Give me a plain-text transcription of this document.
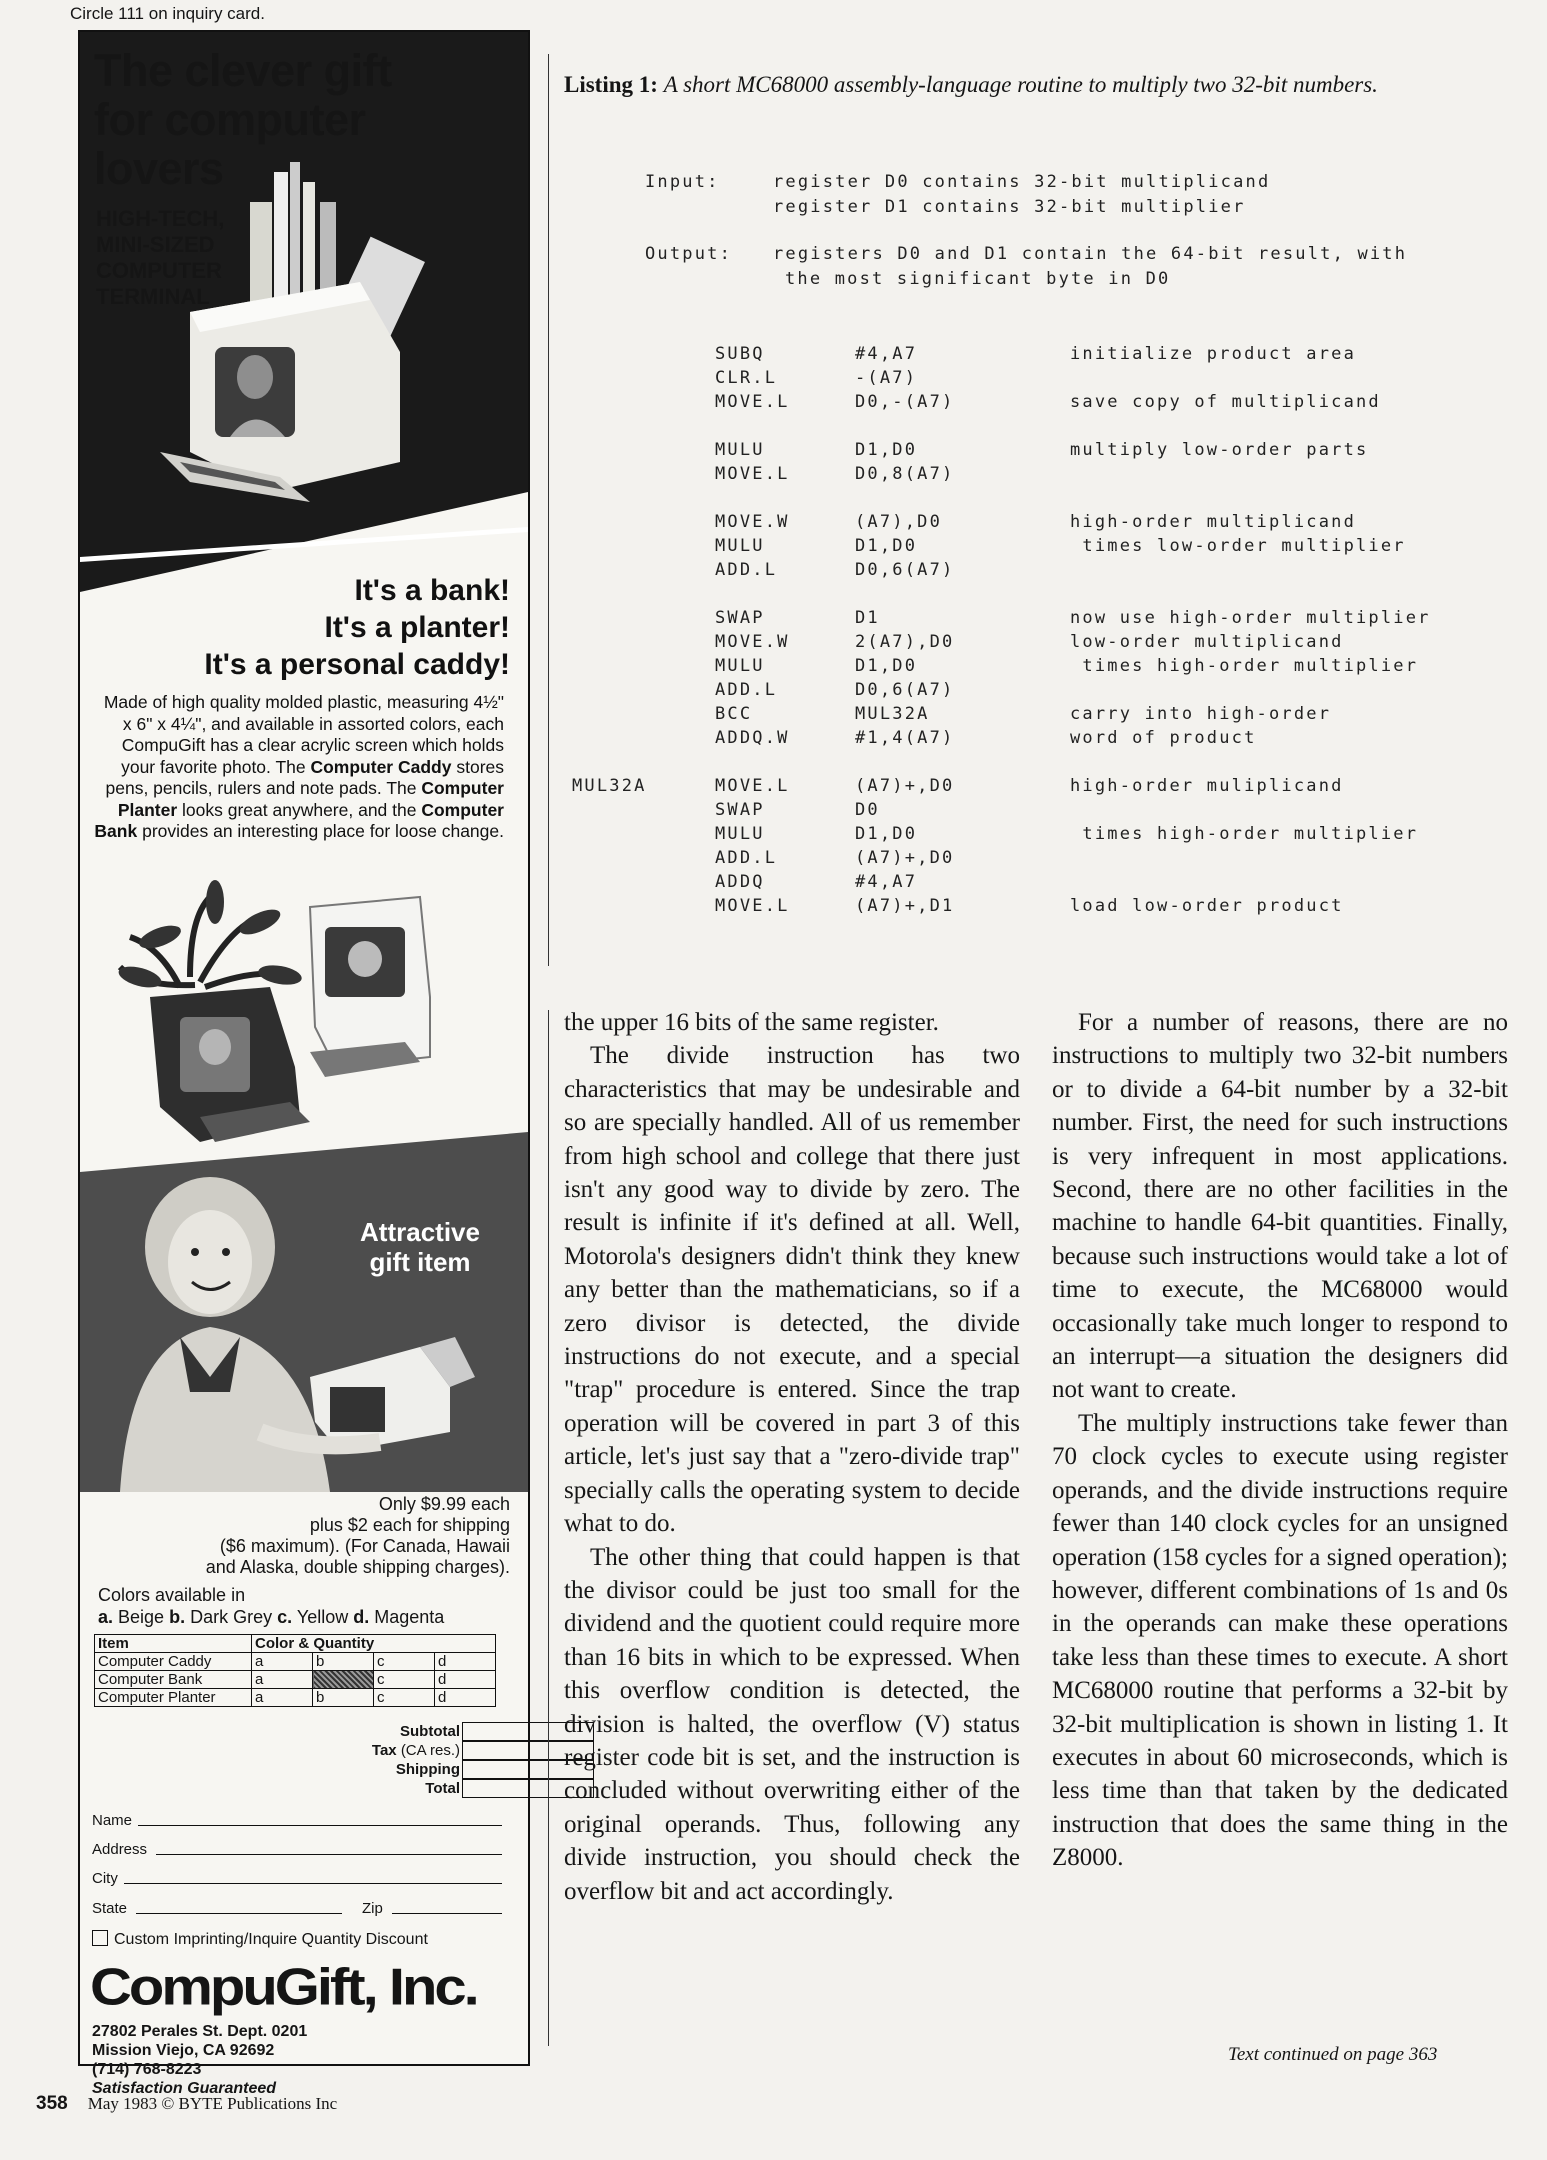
Circle 111 on inquiry card.
The clever gift
for computer
lovers
HIGH-TECH,
MINI-SIZED
COMPUTER
TERMINAL
It's a bank!
It's a planter!
It's a personal caddy!
Made of high quality molded plastic, measuring 4½" x 6" x 4¼", and available in assorted colors, each CompuGift has a clear acrylic screen which holds your favorite photo. The Computer Caddy stores pens, pencils, rulers and note pads. The Computer Planter looks great anywhere, and the Computer Bank provides an interesting place for loose change.
Attractive
gift item
Only $9.99 each
plus $2 each for shipping
($6 maximum). (For Canada, Hawaii
and Alaska, double shipping charges).
Colors available in
a. Beige b. Dark Grey c. Yellow d. Magenta
Item	Color & Quantity			
Computer Caddy	a	b	c	d
Computer Bank	a		c	d
Computer Planter	a	b	c	d
Subtotal
Tax (CA res.)
Shipping
Total
Name
Address
City
State	Zip
Custom Imprinting/Inquire Quantity Discount
CompuGift, Inc.
27802 Perales St. Dept. 0201
Mission Viejo, CA 92692
(714) 768-8223
Satisfaction Guaranteed
Listing 1: A short MC68000 assembly-language routine to multiply two 32-bit numbers.
Input:	register D0 contains 32-bit multiplicand
register D1 contains 32-bit multiplier
Output: registers D0 and D1 contain the 64-bit result, with
the most significant byte in D0
SUBQ	#4,A7	initialize product area
CLR.L	-(A7)
MOVE.L	D0,-(A7)	save copy of multiplicand
MULU	D1,D0	multiply low-order parts
MOVE.L	D0,8(A7)
MOVE.W	(A7),D0	high-order multiplicand
MULU	D1,D0	times low-order multiplier
ADD.L	D0,6(A7)
SWAP	D1	now use high-order multiplier
MOVE.W	2(A7),D0	low-order multiplicand
MULU	D1,D0	times high-order multiplier
ADD.L	D0,6(A7)
BCC	MUL32A	carry into high-order
ADDQ.W	#1,4(A7)	word of product
MUL32A	MOVE.L	(A7)+,D0	high-order muliplicand
SWAP	D0
MULU	D1,D0	times high-order multiplier
ADD.L	(A7)+,D0
ADDQ	#4,A7
MOVE.L	(A7)+,D1	load low-order product

the upper 16 bits of the same register.

The divide instruction has two characteristics that may be undesirable and so are specially handled. All of us remember from high school and college that there just isn't any good way to divide by zero. The result is infinite if it's defined at all. Well, Motorola's designers didn't think they knew any better than the mathematicians, so if a zero divisor is detected, the divide instructions do not execute, and a special "trap" procedure is entered. Since the trap operation will be covered in part 3 of this article, let's just say that a "zero-divide trap" specially calls the operating system to decide what to do.

The other thing that could happen is that the divisor could be just too small for the dividend and the quotient could require more than 16 bits in which to be expressed. When this overflow condition is detected, the division is halted, the overflow (V) status register code bit is set, and the instruction is concluded without overwriting either of the original operands. Thus, following any divide instruction, you should check the overflow bit and act accordingly.

For a number of reasons, there are no instructions to multiply two 32-bit numbers or to divide a 64-bit number by a 32-bit number. First, the need for such instructions is very infrequent in most applications. Second, there are no other facilities in the machine to handle 64-bit quantities. Finally, because such instructions would take a lot of time to execute, the MC68000 would occasionally take much longer to respond to an interrupt—a situation the designers did not want to create.

The multiply instructions take fewer than 70 clock cycles to execute using register operands, and the divide instructions require fewer than 140 clock cycles for an unsigned operation (158 cycles for a signed operation); however, different combinations of 1s and 0s in the operands can make these operations take less than these times to execute. A short MC68000 routine that performs a 32-bit by 32-bit multiplication is shown in listing 1. It executes in about 60 microseconds, which is less time than that taken by the dedicated instruction that does the same thing in the Z8000.

Text continued on page 363
358 May 1983 © BYTE Publications Inc
